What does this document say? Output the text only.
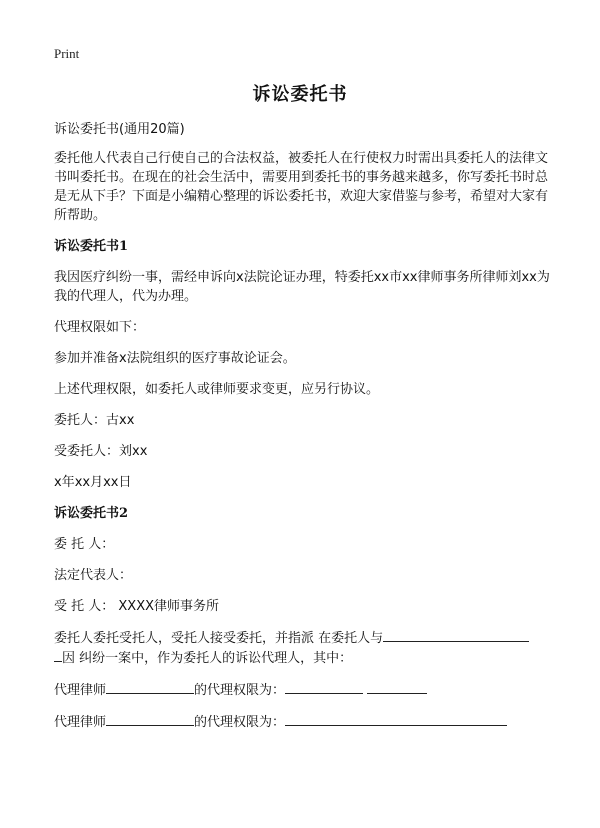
Print
诉讼委托书

诉讼委托书(通用20篇)

委托他人代表自己行使自己的合法权益，被委托人在行使权力时需出具委托人的法律文书叫委托书。在现在的社会生活中，需要用到委托书的事务越来越多，你写委托书时总是无从下手？下面是小编精心整理的诉讼委托书，欢迎大家借鉴与参考，希望对大家有所帮助。

诉讼委托书1

我因医疗纠纷一事，需经申诉向x法院论证办理，特委托xx市xx律师事务所律师刘xx为我的代理人，代为办理。

代理权限如下：

参加并准备x法院组织的医疗事故论证会。

上述代理权限，如委托人或律师要求变更，应另行协议。

委托人：古xx

受委托人：刘xx

x年xx月xx日

诉讼委托书2

委 托 人：

法定代表人：

受 托 人： XXXX律师事务所

委托人委托受托人，受托人接受委托，并指派 在委托人与
因 纠纷一案中，作为委托人的诉讼代理人，其中：

代理律师	的代理权限为：

代理律师	的代理权限为：
